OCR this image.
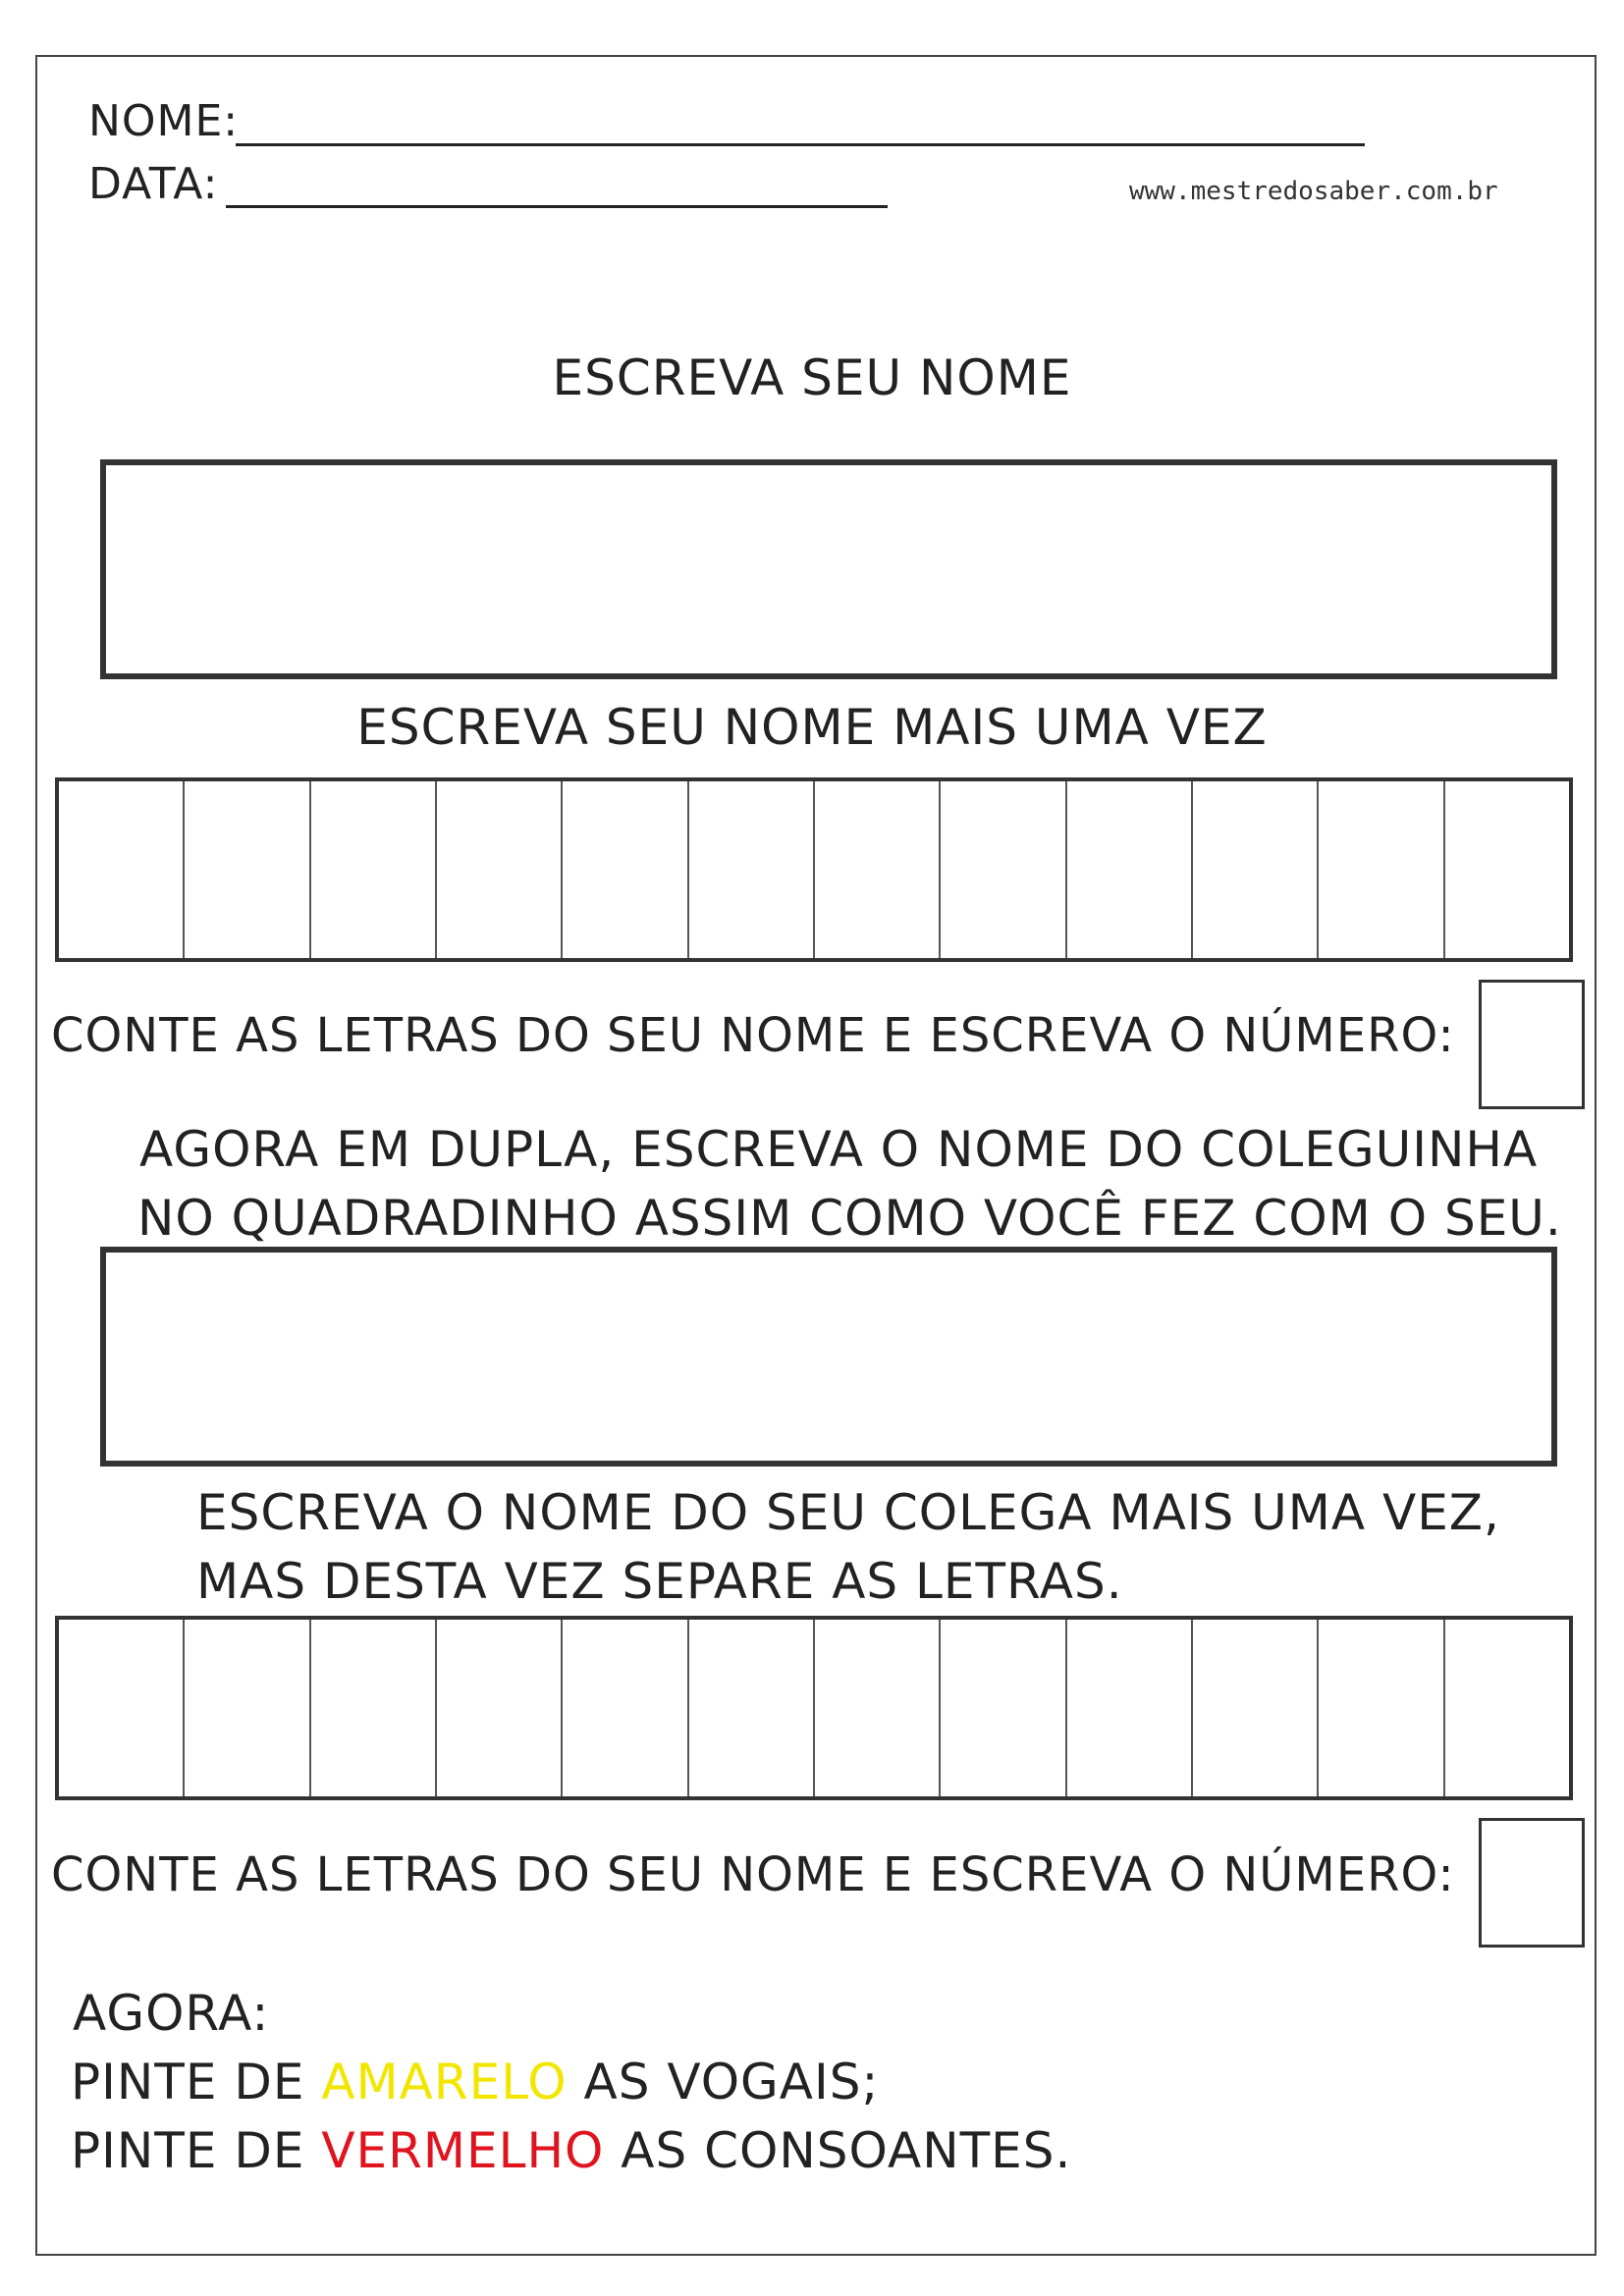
NOME:
DATA:	www.mestredosaber.com.br
ESCREVA SEU NOME
ESCREVA SEU NOME MAIS UMA VEZ
CONTE AS LETRAS DO SEU NOME E ESCREVA O NÚMERO:
AGORA EM DUPLA, ESCREVA O NOME DO COLEGUINHA
NO QUADRADINHO ASSIM COMO VOCÊ FEZ COM O SEU.
ESCREVA O NOME DO SEU COLEGA MAIS UMA VEZ,
MAS DESTA VEZ SEPARE AS LETRAS.
CONTE AS LETRAS DO SEU NOME E ESCREVA O NÚMERO:
AGORA:
PINTE DE AMARELO AS VOGAIS;
PINTE DE VERMELHO AS CONSOANTES.
